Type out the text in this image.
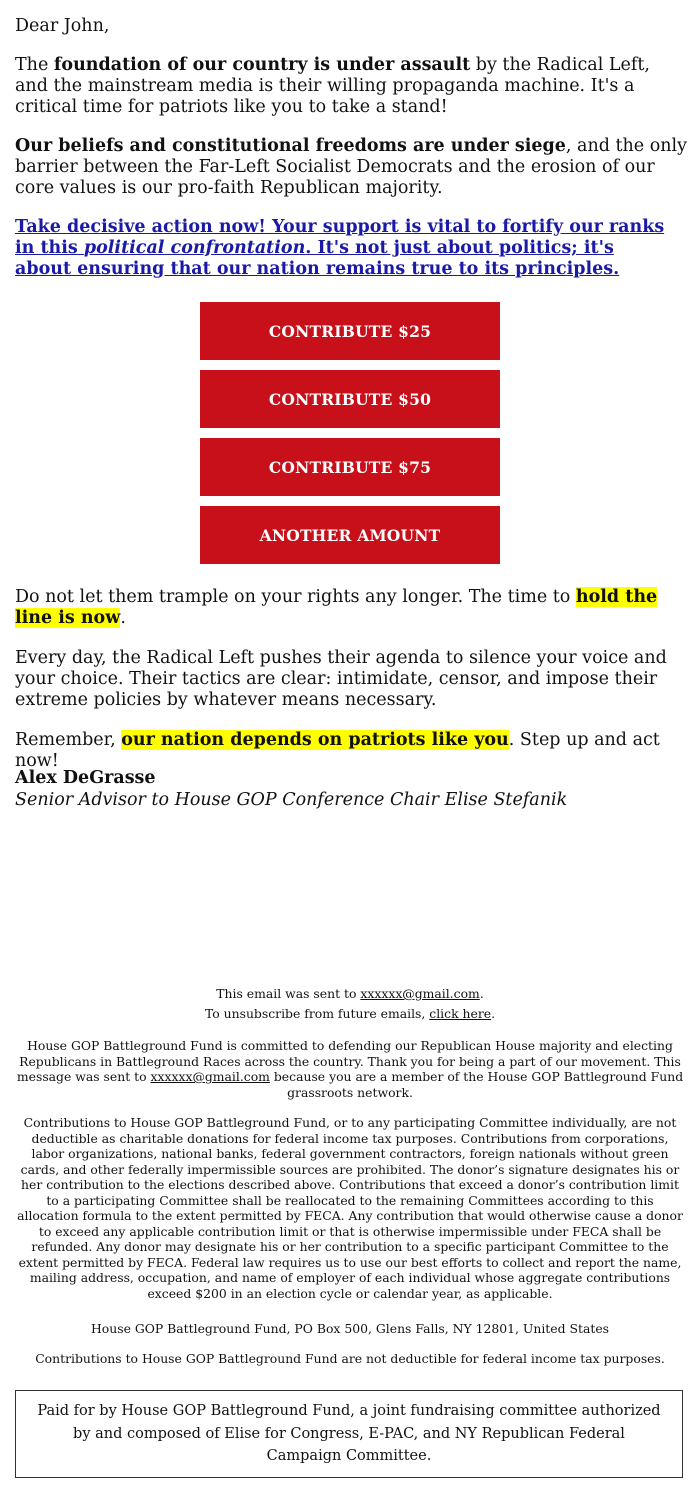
Dear John,

The foundation of our country is under assault by the Radical Left, and the mainstream media is their willing propaganda machine. It's a critical time for patriots like you to take a stand!

Our beliefs and constitutional freedoms are under siege, and the only barrier between the Far-Left Socialist Democrats and the erosion of our core values is our pro-faith Republican majority.

Take decisive action now! Your support is vital to fortify our ranks in this political confrontation. It's not just about politics; it's about ensuring that our nation remains true to its principles.

Do not let them trample on your rights any longer. The time to hold the line is now.
Every day, the Radical Left pushes their agenda to silence your voice and your choice. Their tactics are clear: intimidate, censor, and impose their extreme policies by whatever means necessary.
Remember, our nation depends on patriots like you. Step up and act now!
Alex DeGrasse
Senior Advisor to House GOP Conference Chair Elise Stefanik
CONTRIBUTE $25
CONTRIBUTE $50
CONTRIBUTE $75
ANOTHER AMOUNT
This email was sent to xxxxxx@gmail.com.
To unsubscribe from future emails, click here.
House GOP Battleground Fund is committed to defending our Republican House majority and electing Republicans in Battleground Races across the country. Thank you for being a part of our movement. This message was sent to xxxxxx@gmail.com because you are a member of the House GOP Battleground Fund grassroots network.
Contributions to House GOP Battleground Fund, or to any participating Committee individually, are not deductible as charitable donations for federal income tax purposes. Contributions from corporations, labor organizations, national banks, federal government contractors, foreign nationals without green cards, and other federally impermissible sources are prohibited. The donor’s signature designates his or her contribution to the elections described above. Contributions that exceed a donor’s contribution limit to a participating Committee shall be reallocated to the remaining Committees according to this allocation formula to the extent permitted by FECA. Any contribution that would otherwise cause a donor to exceed any applicable contribution limit or that is otherwise impermissible under FECA shall be refunded. Any donor may designate his or her contribution to a specific participant Committee to the extent permitted by FECA. Federal law requires us to use our best efforts to collect and report the name, mailing address, occupation, and name of employer of each individual whose aggregate contributions exceed $200 in an election cycle or calendar year, as applicable.
House GOP Battleground Fund, PO Box 500, Glens Falls, NY 12801, United States
Contributions to House GOP Battleground Fund are not deductible for federal income tax purposes.
Paid for by House GOP Battleground Fund, a joint fundraising committee authorized by and composed of Elise for Congress, E-PAC, and NY Republican Federal Campaign Committee.
